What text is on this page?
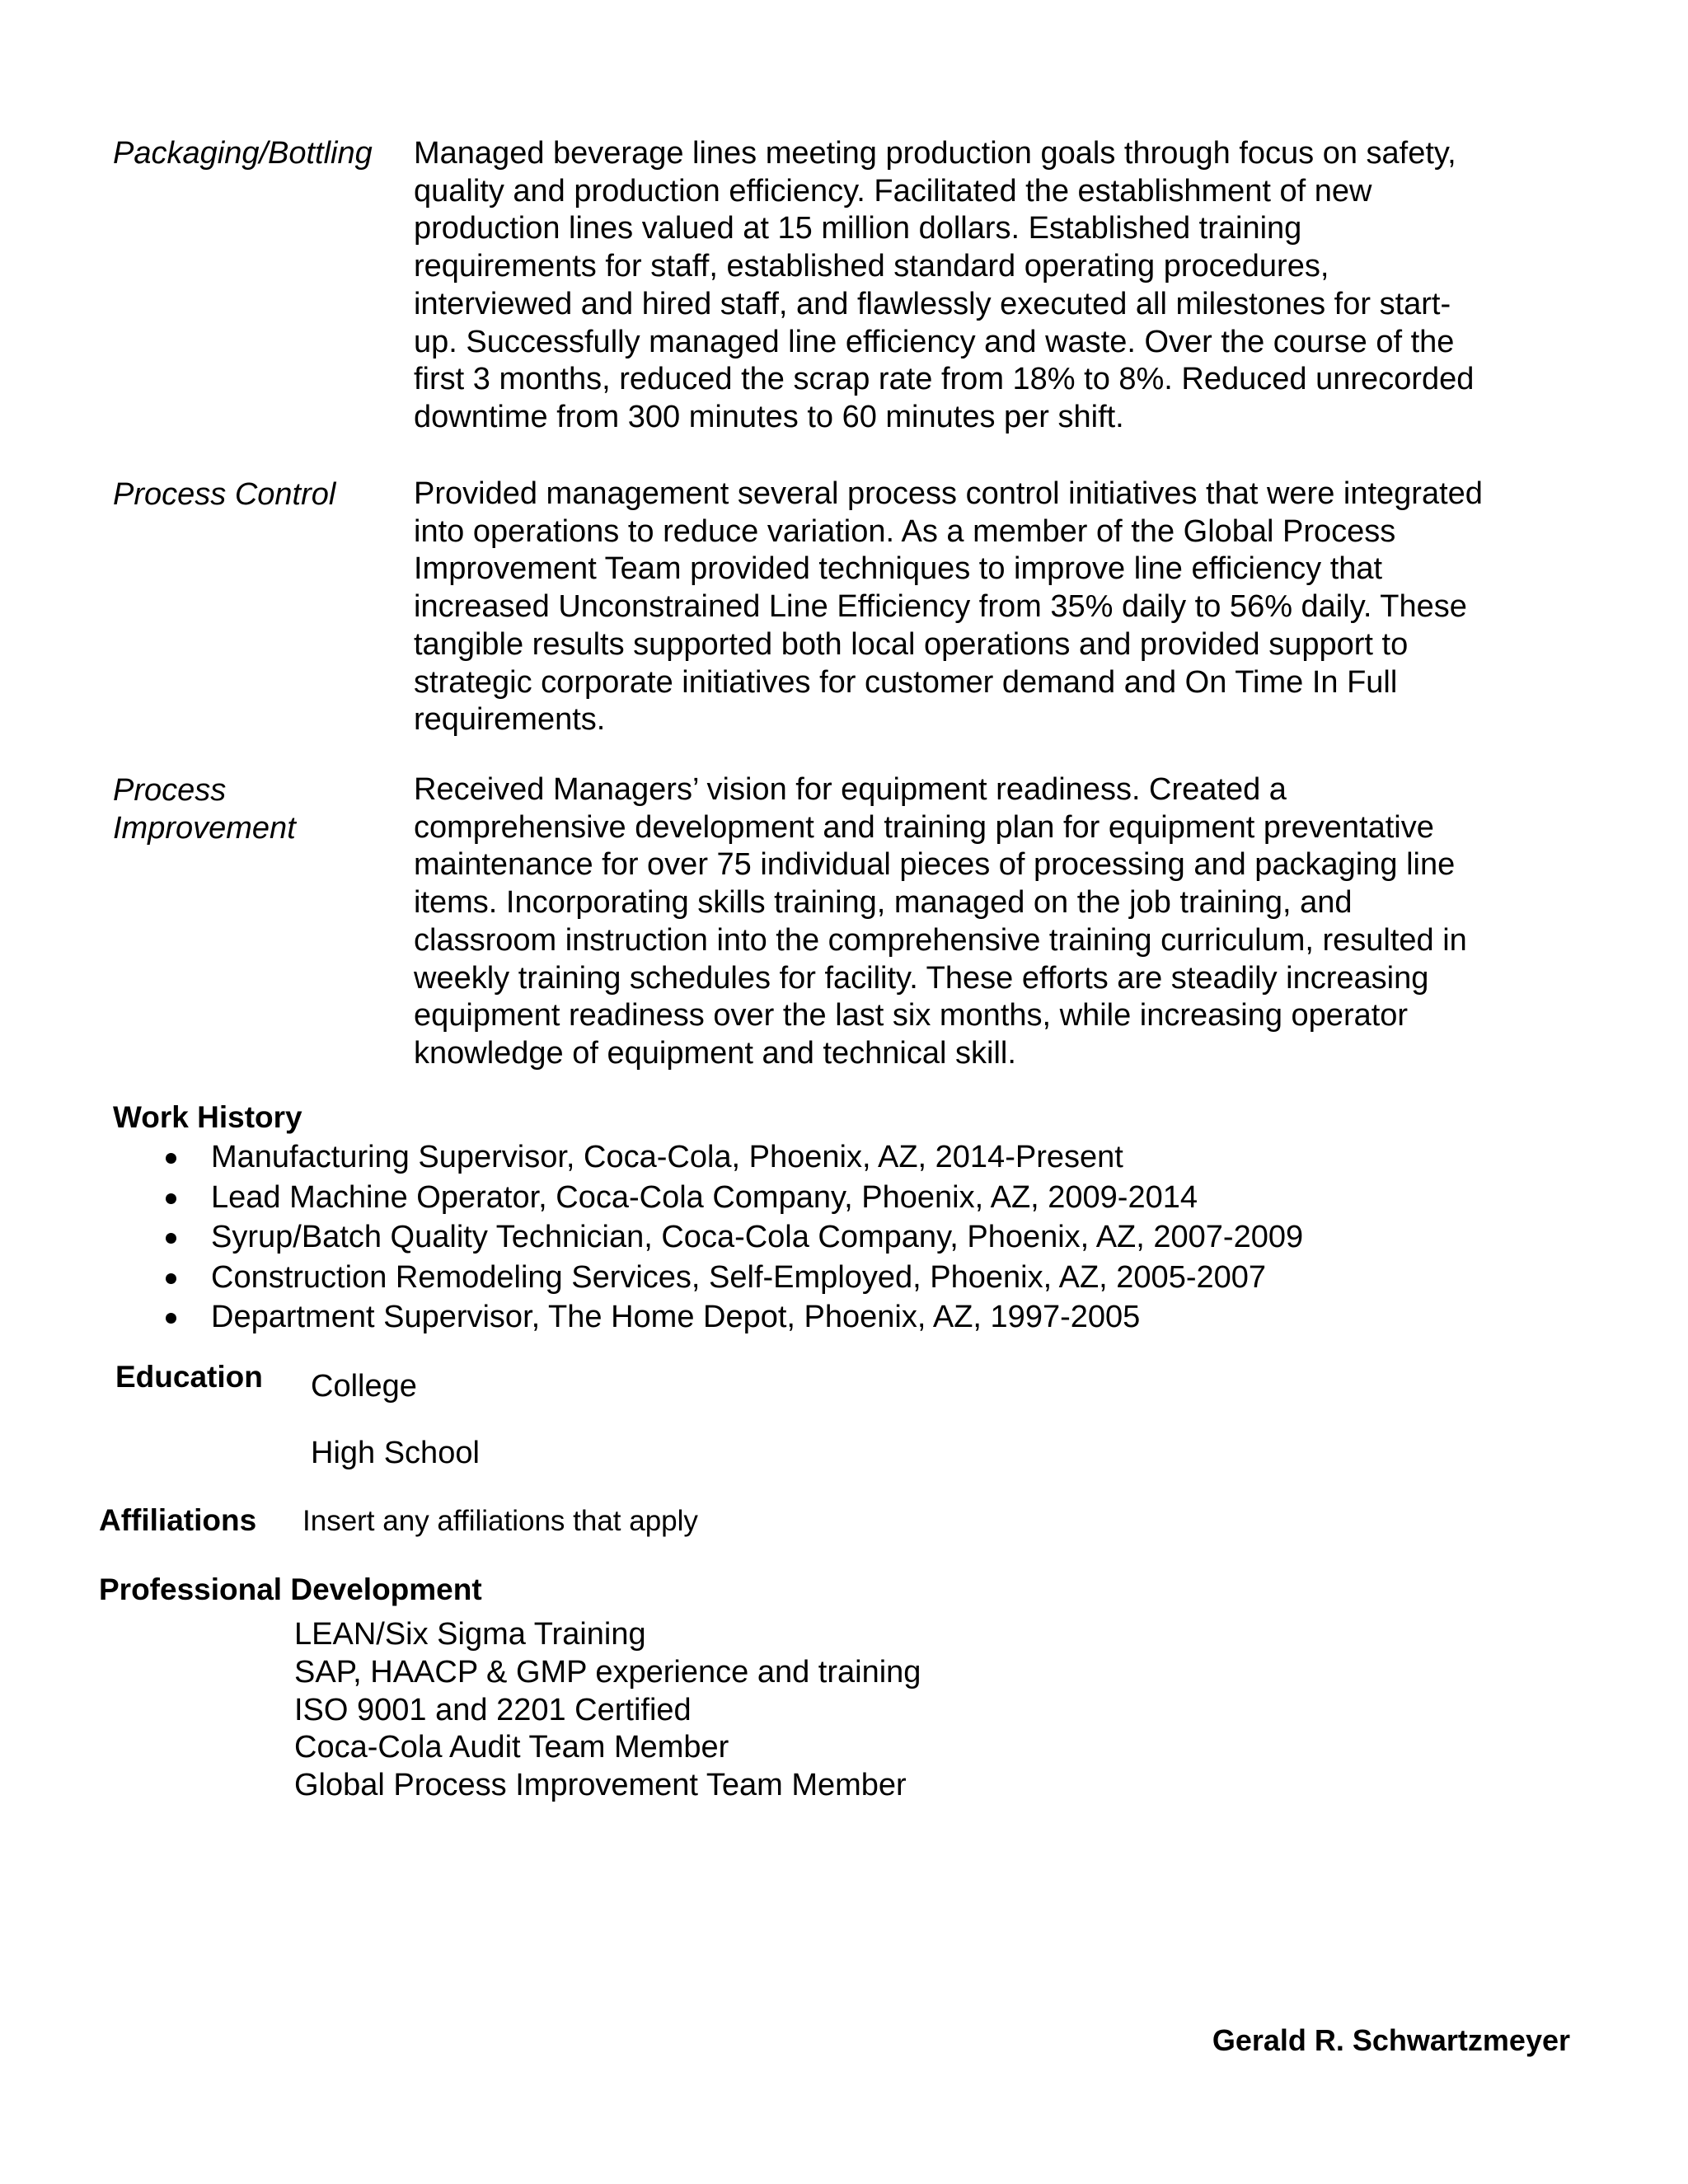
Packaging/Bottling Managed beverage lines meeting production goals through focus on safety,
quality and production efficiency. Facilitated the establishment of new
production lines valued at 15 million dollars. Established training
requirements for staff, established standard operating procedures,
interviewed and hired staff, and flawlessly executed all milestones for start-
up. Successfully managed line efficiency and waste. Over the course of the
first 3 months, reduced the scrap rate from 18% to 8%. Reduced unrecorded
downtime from 300 minutes to 60 minutes per shift.
Process Control Provided management several process control initiatives that were integrated
into operations to reduce variation. As a member of the Global Process
Improvement Team provided techniques to improve line efficiency that
increased Unconstrained Line Efficiency from 35% daily to 56% daily. These
tangible results supported both local operations and provided support to
strategic corporate initiatives for customer demand and On Time In Full
requirements.
Process
Improvement
Received Managers’ vision for equipment readiness. Created a
comprehensive development and training plan for equipment preventative
maintenance for over 75 individual pieces of processing and packaging line
items. Incorporating skills training, managed on the job training, and
classroom instruction into the comprehensive training curriculum, resulted in
weekly training schedules for facility. These efforts are steadily increasing
equipment readiness over the last six months, while increasing operator
knowledge of equipment and technical skill.
Work History
Manufacturing Supervisor, Coca-Cola, Phoenix, AZ, 2014-Present
Lead Machine Operator, Coca-Cola Company, Phoenix, AZ, 2009-2014
Syrup/Batch Quality Technician, Coca-Cola Company, Phoenix, AZ, 2007-2009
Construction Remodeling Services, Self-Employed, Phoenix, AZ, 2005-2007
Department Supervisor, The Home Depot, Phoenix, AZ, 1997-2005
Education College
High School
Affiliations Insert any affiliations that apply
Professional Development
LEAN/Six Sigma Training
SAP, HAACP & GMP experience and training
ISO 9001 and 2201 Certified
Coca-Cola Audit Team Member
Global Process Improvement Team Member
Gerald R. Schwartzmeyer
